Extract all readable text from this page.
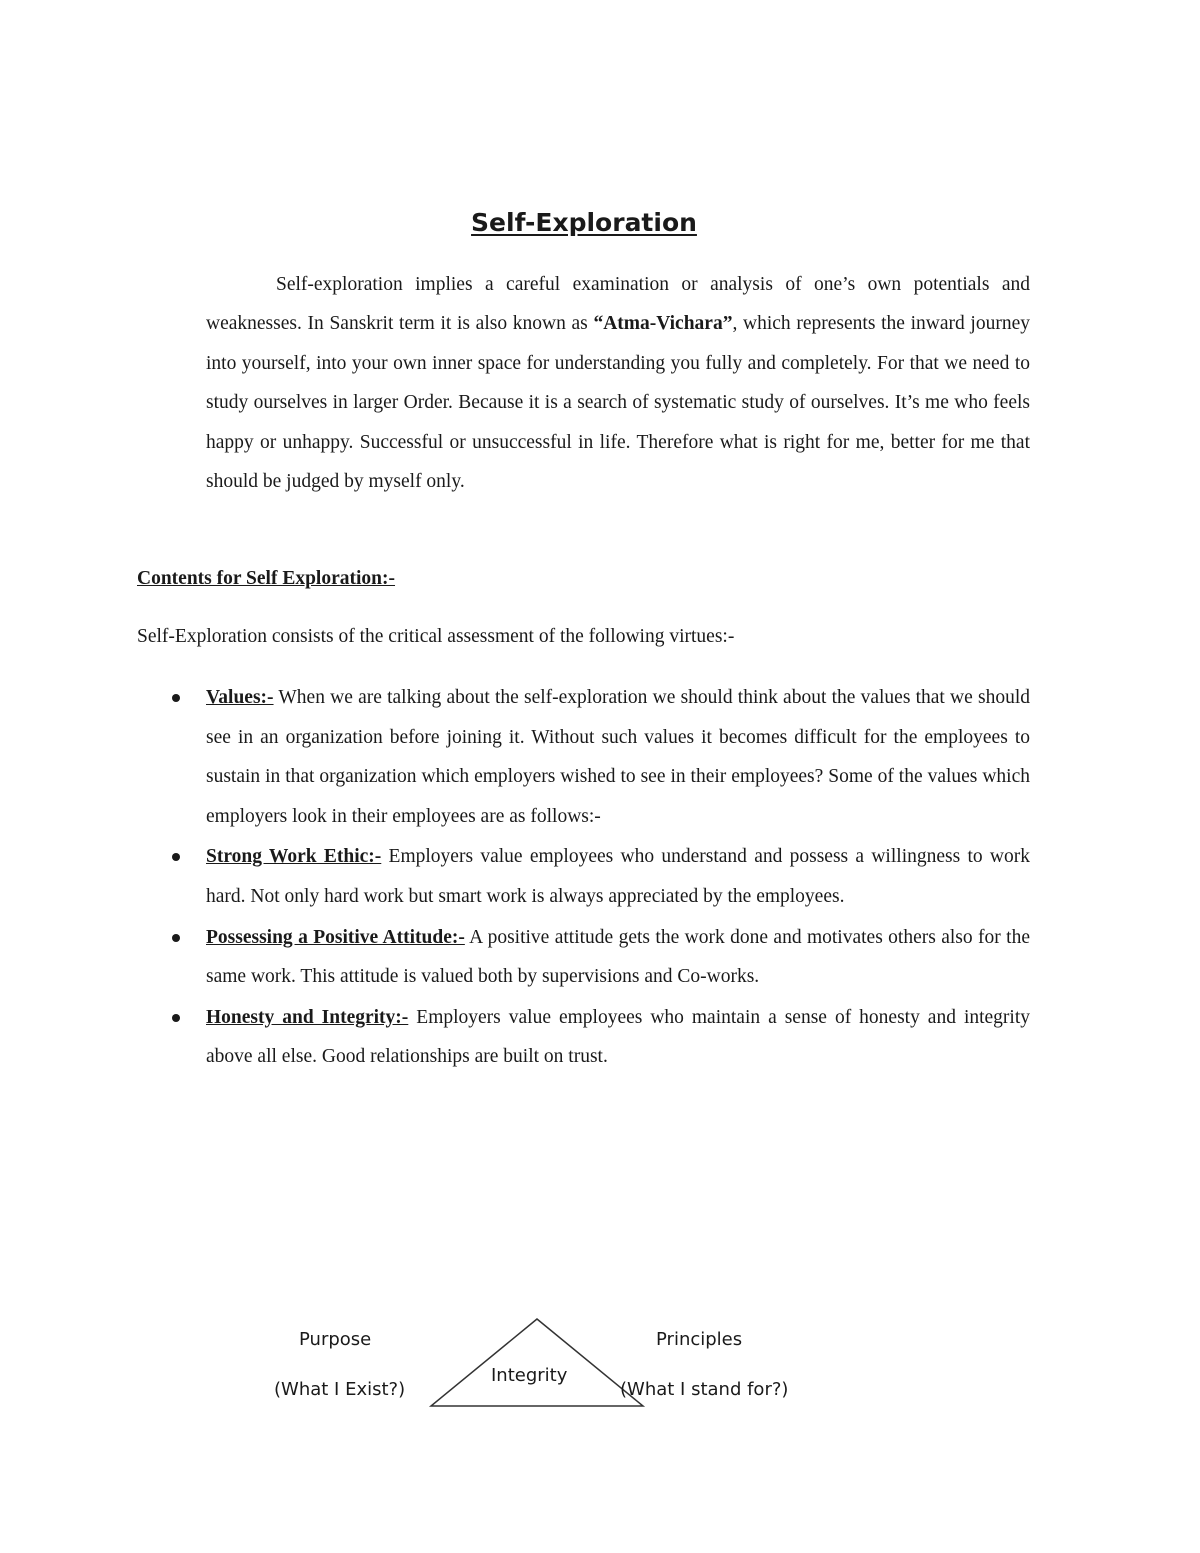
Self-Exploration

Self-exploration implies a careful examination or analysis of one’s own potentials and weaknesses. In Sanskrit term it is also known as “Atma-Vichara”, which represents the inward journey into yourself, into your own inner space for understanding you fully and completely. For that we need to study ourselves in larger Order. Because it is a search of systematic study of ourselves. It’s me who feels happy or unhappy. Successful or unsuccessful in life. Therefore what is right for me, better for me that should be judged by myself only.

Contents for Self Exploration:-

Self-Exploration consists of the critical assessment of the following virtues:-

Values:- When we are talking about the self-exploration we should think about the values that we should see in an organization before joining it. Without such values it becomes difficult for the employees to sustain in that organization which employers wished to see in their employees? Some of the values which employers look in their employees are as follows:-
Strong Work Ethic:- Employers value employees who understand and possess a willingness to work hard. Not only hard work but smart work is always appreciated by the employees.
Possessing a Positive Attitude:- A positive attitude gets the work done and motivates others also for the same work. This attitude is valued both by supervisions and Co-works.
Honesty and Integrity:- Employers value employees who maintain a sense of honesty and integrity above all else. Good relationships are built on trust.

Purpose

(What I Exist?)

Integrity

Principles

(What I stand for?)
